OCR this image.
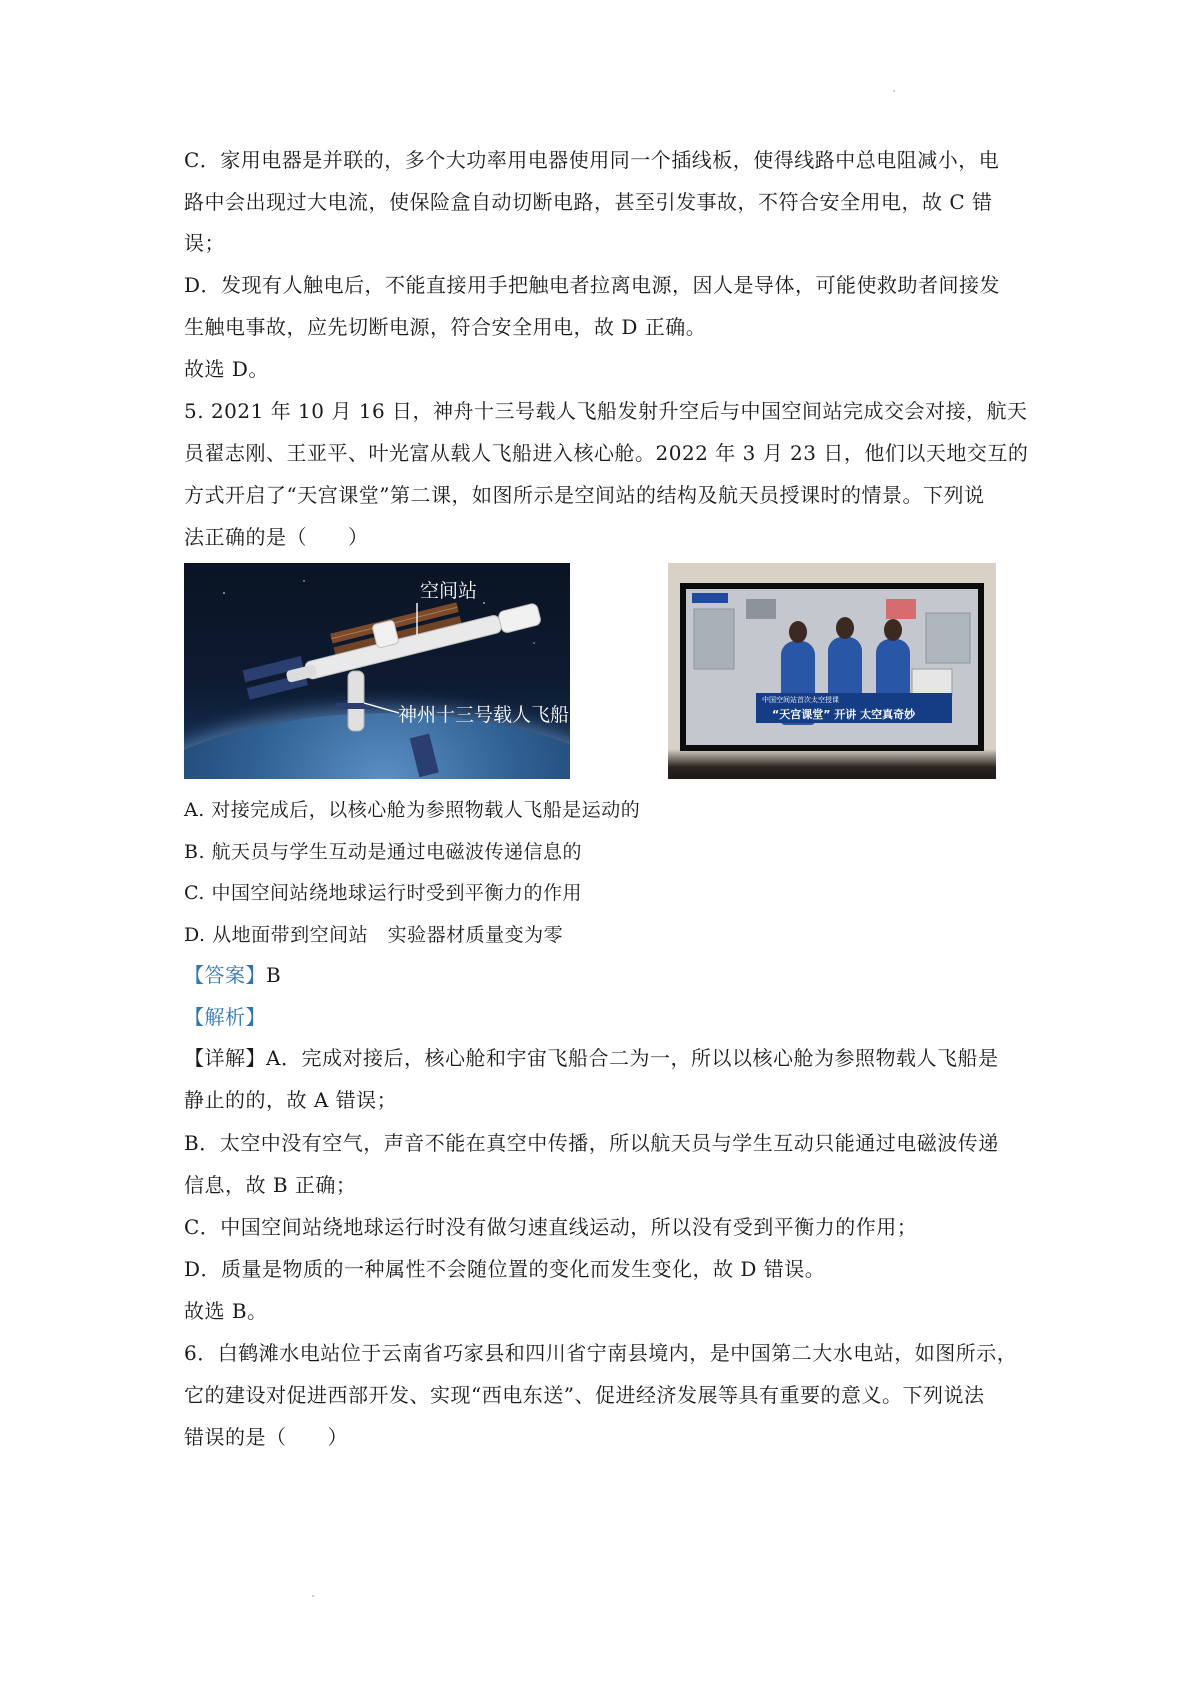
C．家用电器是并联的，多个大功率用电器使用同一个插线板，使得线路中总电阻减小，电
路中会出现过大电流，使保险盒自动切断电路，甚至引发事故，不符合安全用电，故 C 错
误；
D．发现有人触电后，不能直接用手把触电者拉离电源，因人是导体，可能使救助者间接发
生触电事故，应先切断电源，符合安全用电，故 D 正确。
故选 D。
5. 2021 年 10 月 16 日，神舟十三号载人飞船发射升空后与中国空间站完成交会对接，航天
员翟志刚、王亚平、叶光富从载人飞船进入核心舱。2022 年 3 月 23 日，他们以天地交互的
方式开启了“天宫课堂”第二课，如图所示是空间站的结构及航天员授课时的情景。下列说
法正确的是（　　）
空间站
神州十三号载人飞船
中国空间站首次太空授课
“天宫课堂” 开讲 太空真奇妙
A. 对接完成后，以核心舱为参照物载人飞船是运动的
B. 航天员与学生互动是通过电磁波传递信息的
C. 中国空间站绕地球运行时受到平衡力的作用
D. 从地面带到空间站　实验器材质量变为零
【答案】B
【解析】
【详解】A．完成对接后，核心舱和宇宙飞船合二为一，所以以核心舱为参照物载人飞船是
静止的的，故 A 错误；
B．太空中没有空气，声音不能在真空中传播，所以航天员与学生互动只能通过电磁波传递
信息，故 B 正确；
C．中国空间站绕地球运行时没有做匀速直线运动，所以没有受到平衡力的作用；
D．质量是物质的一种属性不会随位置的变化而发生变化，故 D 错误。
故选 B。
6．白鹤滩水电站位于云南省巧家县和四川省宁南县境内，是中国第二大水电站，如图所示，
它的建设对促进西部开发、实现“西电东送”、促进经济发展等具有重要的意义。下列说法
错误的是（　　）
